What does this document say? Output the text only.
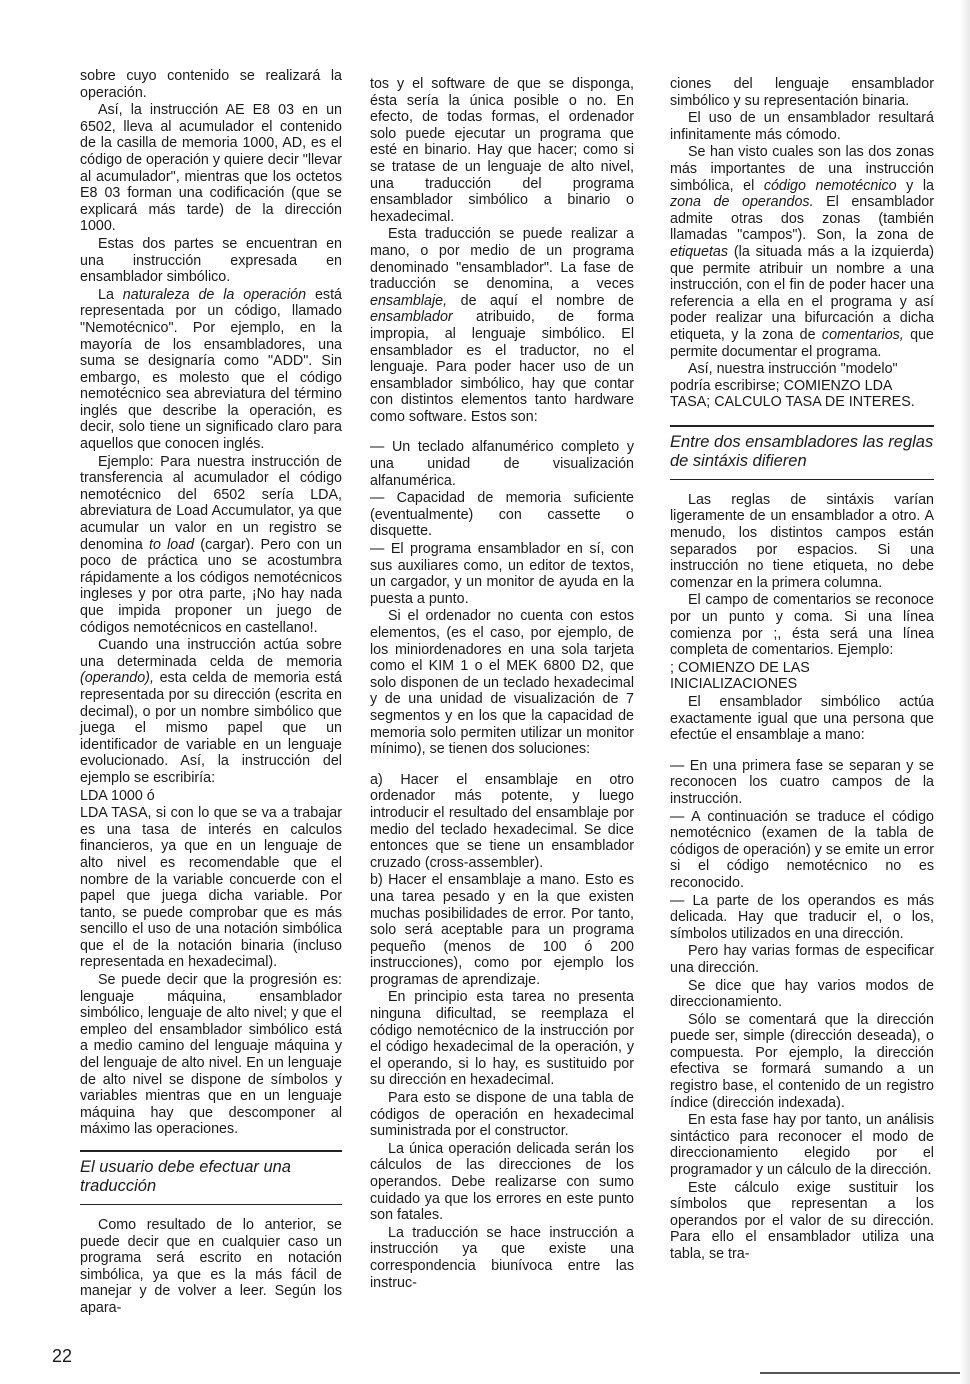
sobre cuyo contenido se realizará la operación.

Así, la instrucción AE E8 03 en un 6502, lleva al acumulador el contenido de la casilla de memoria 1000, AD, es el código de operación y quiere decir "llevar al acumulador", mientras que los octetos E8 03 forman una codificación (que se explicará más tarde) de la dirección 1000.

Estas dos partes se encuentran en una instrucción expresada en ensamblador simbólico.

La naturaleza de la operación está representada por un código, llamado "Nemotécnico". Por ejemplo, en la mayoría de los ensambladores, una suma se designaría como "ADD". Sin embargo, es molesto que el código nemotécnico sea abreviatura del término inglés que describe la operación, es decir, solo tiene un significado claro para aquellos que conocen inglés.

Ejemplo: Para nuestra instrucción de transferencia al acumulador el código nemotécnico del 6502 sería LDA, abreviatura de Load Accumulator, ya que acumular un valor en un registro se denomina to load (cargar). Pero con un poco de práctica uno se acostumbra rápidamente a los códigos nemotécnicos ingleses y por otra parte, ¡No hay nada que impida proponer un juego de códigos nemotécnicos en castellano!.

Cuando una instrucción actúa sobre una determinada celda de memoria (operando), esta celda de memoria está representada por su dirección (escrita en decimal), o por un nombre simbólico que juega el mismo papel que un identificador de variable en un lenguaje evolucionado. Así, la instrucción del ejemplo se escribiría:

LDA 1000 ó

LDA TASA, si con lo que se va a trabajar es una tasa de interés en calculos financieros, ya que en un lenguaje de alto nivel es recomendable que el nombre de la variable concuerde con el papel que juega dicha variable. Por tanto, se puede comprobar que es más sencillo el uso de una notación simbólica que el de la notación binaria (incluso representada en hexadecimal).

Se puede decir que la progresión es: lenguaje máquina, ensamblador simbólico, lenguaje de alto nivel; y que el empleo del ensamblador simbólico está a medio camino del lenguaje máquina y del lenguaje de alto nivel. En un lenguaje de alto nivel se dispone de símbolos y variables mientras que en un lenguaje máquina hay que descomponer al máximo las operaciones.

El usuario debe efectuar una traducción

Como resultado de lo anterior, se puede decir que en cualquier caso un programa será escrito en notación simbólica, ya que es la más fácil de manejar y de volver a leer. Según los apara-

tos y el software de que se disponga, ésta sería la única posible o no. En efecto, de todas formas, el ordenador solo puede ejecutar un programa que esté en binario. Hay que hacer; como si se tratase de un lenguaje de alto nivel, una traducción del programa ensamblador simbólico a binario o hexadecimal.

Esta traducción se puede realizar a mano, o por medio de un programa denominado "ensamblador". La fase de traducción se denomina, a veces ensamblaje, de aquí el nombre de ensamblador atribuido, de forma impropia, al lenguaje simbólico. El ensamblador es el traductor, no el lenguaje. Para poder hacer uso de un ensamblador simbólico, hay que contar con distintos elementos tanto hardware como software. Estos son:

— Un teclado alfanumérico completo y una unidad de visualización alfanumérica.

— Capacidad de memoria suficiente (eventualmente) con cassette o disquette.

— El programa ensamblador en sí, con sus auxiliares como, un editor de textos, un cargador, y un monitor de ayuda en la puesta a punto.

Si el ordenador no cuenta con estos elementos, (es el caso, por ejemplo, de los miniordenadores en una sola tarjeta como el KIM 1 o el MEK 6800 D2, que solo disponen de un teclado hexadecimal y de una unidad de visualización de 7 segmentos y en los que la capacidad de memoria solo permiten utilizar un monitor mínimo), se tienen dos soluciones:

a) Hacer el ensamblaje en otro ordenador más potente, y luego introducir el resultado del ensamblaje por medio del teclado hexadecimal. Se dice entonces que se tiene un ensamblador cruzado (cross-assembler).

b) Hacer el ensamblaje a mano. Esto es una tarea pesado y en la que existen muchas posibilidades de error. Por tanto, solo será aceptable para un programa pequeño (menos de 100 ó 200 instrucciones), como por ejemplo los programas de aprendizaje.

En principio esta tarea no presenta ninguna dificultad, se reemplaza el código nemotécnico de la instrucción por el código hexadecimal de la operación, y el operando, si lo hay, es sustituido por su dirección en hexadecimal.

Para esto se dispone de una tabla de códigos de operación en hexadecimal suministrada por el constructor.

La única operación delicada serán los cálculos de las direcciones de los operandos. Debe realizarse con sumo cuidado ya que los errores en este punto son fatales.

La traducción se hace instrucción a instrucción ya que existe una correspondencia biunívoca entre las instruc-

ciones del lenguaje ensamblador simbólico y su representación binaria.

El uso de un ensamblador resultará infinitamente más cómodo.

Se han visto cuales son las dos zonas más importantes de una instrucción simbólica, el código nemotécnico y la zona de operandos. El ensamblador admite otras dos zonas (también llamadas "campos"). Son, la zona de etiquetas (la situada más a la izquierda) que permite atribuir un nombre a una instrucción, con el fin de poder hacer una referencia a ella en el programa y así poder realizar una bifurcación a dicha etiqueta, y la zona de comentarios, que permite documentar el programa.

Así, nuestra instrucción "modelo" podría escribirse; COMIENZO LDA TASA; CALCULO TASA DE INTERES.

Entre dos ensambladores las reglas de sintáxis difieren

Las reglas de sintáxis varían ligeramente de un ensamblador a otro. A menudo, los distintos campos están separados por espacios. Si una instrucción no tiene etiqueta, no debe comenzar en la primera columna.

El campo de comentarios se reconoce por un punto y coma. Si una línea comienza por ;, ésta será una línea completa de comentarios. Ejemplo:

; COMIENZO DE LAS INICIALIZACIONES

El ensamblador simbólico actúa exactamente igual que una persona que efectúe el ensamblaje a mano:

— En una primera fase se separan y se reconocen los cuatro campos de la instrucción.

— A continuación se traduce el código nemotécnico (examen de la tabla de códigos de operación) y se emite un error si el código nemotécnico no es reconocido.

— La parte de los operandos es más delicada. Hay que traducir el, o los, símbolos utilizados en una dirección.

Pero hay varias formas de especificar una dirección.

Se dice que hay varios modos de direccionamiento.

Sólo se comentará que la dirección puede ser, simple (dirección deseada), o compuesta. Por ejemplo, la dirección efectiva se formará sumando a un registro base, el contenido de un registro índice (dirección indexada).

En esta fase hay por tanto, un análisis sintáctico para reconocer el modo de direccionamiento elegido por el programador y un cálculo de la dirección.

Este cálculo exige sustituir los símbolos que representan a los operandos por el valor de su dirección. Para ello el ensamblador utiliza una tabla, se tra-

22
